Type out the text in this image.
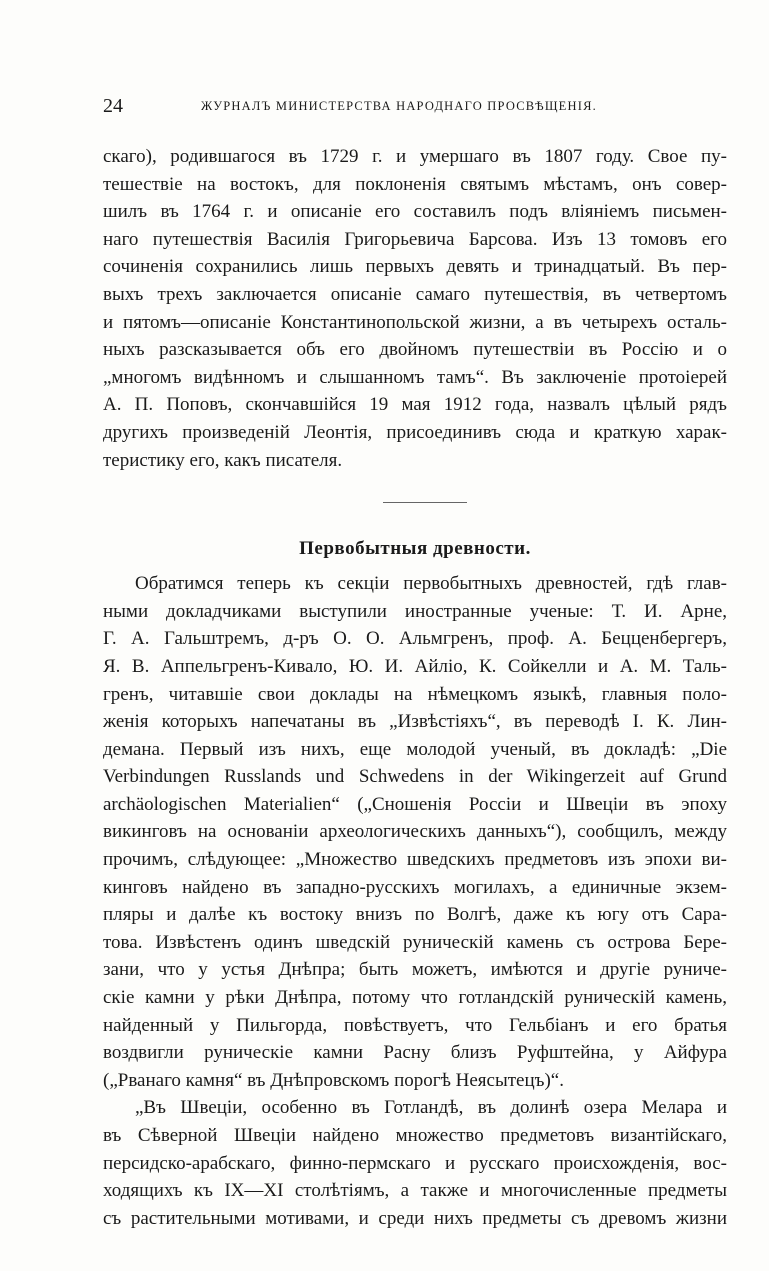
24	ЖУРНАЛЪ МИНИСТЕРСТВА НАРОДНАГО ПРОСВѢЩЕНІЯ.
скаго), родившагося въ 1729 г. и умершаго въ 1807 году. Свое пу-
тешествіе на востокъ, для поклоненія святымъ мѣстамъ, онъ совер-
шилъ въ 1764 г. и описаніе его составилъ подъ вліяніемъ письмен-
наго путешествія Василія Григорьевича Барсова. Изъ 13 томовъ его
сочиненія сохранились лишь первыхъ девять и тринадцатый. Въ пер-
выхъ трехъ заключается описаніе самаго путешествія, въ четвертомъ
и пятомъ—описаніе Константинопольской жизни, а въ четырехъ осталь-
ныхъ разсказывается объ его двойномъ путешествіи въ Россію и о
„многомъ видѣнномъ и слышанномъ тамъ“. Въ заключеніе протоіерей
А. П. Поповъ, скончавшійся 19 мая 1912 года, назвалъ цѣлый рядъ
другихъ произведеній Леонтія, присоединивъ сюда и краткую харак-
теристику его, какъ писателя.
Первобытныя древности.
Обратимся теперь къ секціи первобытныхъ древностей, гдѣ глав-
ными докладчиками выступили иностранные ученые: Т. И. Арне,
Г. А. Гальштремъ, д-ръ О. О. Альмгренъ, проф. А. Бецценбергеръ,
Я. В. Аппельгренъ-Кивало, Ю. И. Айліо, К. Сойкелли и А. М. Таль-
гренъ, читавшіе свои доклады на нѣмецкомъ языкѣ, главныя поло-
женія которыхъ напечатаны въ „Извѣстіяхъ“, въ переводѣ І. К. Лин-
демана. Первый изъ нихъ, еще молодой ученый, въ докладѣ: „Die
Verbindungen Russlands und Schwedens in der Wikingerzeit auf Grund
archäologischen Materialien“ („Сношенія Россіи и Швеціи въ эпоху
викинговъ на основаніи археологическихъ данныхъ“), сообщилъ, между
прочимъ, слѣдующее: „Множество шведскихъ предметовъ изъ эпохи ви-
кинговъ найдено въ западно-русскихъ могилахъ, а единичные экзем-
пляры и далѣе къ востоку внизъ по Волгѣ, даже къ югу отъ Сара-
това. Извѣстенъ одинъ шведскій руническій камень съ острова Бере-
зани, что у устья Днѣпра; быть можетъ, имѣются и другіе руниче-
скіе камни у рѣки Днѣпра, потому что готландскій руническій камень,
найденный у Пильгорда, повѣствуетъ, что Гельбіанъ и его братья
воздвигли руническіе камни Расну близъ Руфштейна, у Айфура
(„Рванаго камня“ въ Днѣпровскомъ порогѣ Неясытецъ)“.
„Въ Швеціи, особенно въ Готландѣ, въ долинѣ озера Мелара и
въ Сѣверной Швеціи найдено множество предметовъ византійскаго,
персидско-арабскаго, финно-пермскаго и русскаго происхожденія, вос-
ходящихъ къ IX—XI столѣтіямъ, а также и многочисленные предметы
съ растительными мотивами, и среди нихъ предметы съ древомъ жизни
